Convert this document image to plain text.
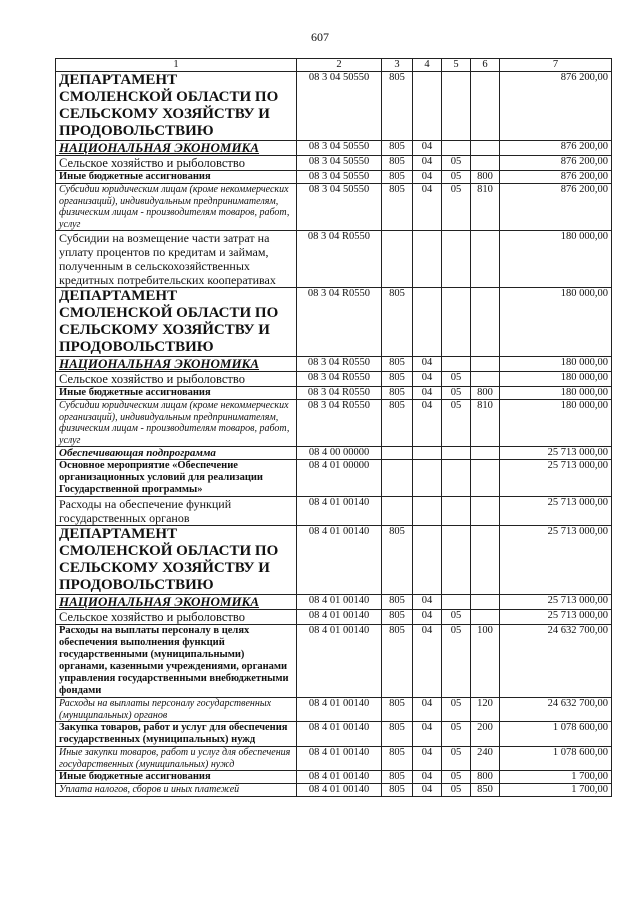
607
1	2	3	4	5	6	7
ДЕПАРТАМЕНТ СМОЛЕНСКОЙ ОБЛАСТИ ПО СЕЛЬСКОМУ ХОЗЯЙСТВУ И ПРОДОВОЛЬСТВИЮ	08 3 04 50550	805				876 200,00
НАЦИОНАЛЬНАЯ ЭКОНОМИКА	08 3 04 50550	805	04			876 200,00
Сельское хозяйство и рыболовство	08 3 04 50550	805	04	05		876 200,00
Иные бюджетные ассигнования	08 3 04 50550	805	04	05	800	876 200,00
Субсидии юридическим лицам (кроме некоммерческих организаций), индивидуальным предпринимателям, физическим лицам - производителям товаров, работ, услуг	08 3 04 50550	805	04	05	810	876 200,00
Субсидии на возмещение части затрат на уплату процентов по кредитам и займам, полученным в сельскохозяйственных кредитных потребительских кооперативах	08 3 04 R0550					180 000,00
ДЕПАРТАМЕНТ СМОЛЕНСКОЙ ОБЛАСТИ ПО СЕЛЬСКОМУ ХОЗЯЙСТВУ И ПРОДОВОЛЬСТВИЮ	08 3 04 R0550	805				180 000,00
НАЦИОНАЛЬНАЯ ЭКОНОМИКА	08 3 04 R0550	805	04			180 000,00
Сельское хозяйство и рыболовство	08 3 04 R0550	805	04	05		180 000,00
Иные бюджетные ассигнования	08 3 04 R0550	805	04	05	800	180 000,00
Субсидии юридическим лицам (кроме некоммерческих организаций), индивидуальным предпринимателям, физическим лицам - производителям товаров, работ, услуг	08 3 04 R0550	805	04	05	810	180 000,00
Обеспечивающая подпрограмма	08 4 00 00000					25 713 000,00
Основное мероприятие «Обеспечение организационных условий для реализации Государственной программы»	08 4 01 00000					25 713 000,00
Расходы на обеспечение функций государственных органов	08 4 01 00140					25 713 000,00
ДЕПАРТАМЕНТ СМОЛЕНСКОЙ ОБЛАСТИ ПО СЕЛЬСКОМУ ХОЗЯЙСТВУ И ПРОДОВОЛЬСТВИЮ	08 4 01 00140	805				25 713 000,00
НАЦИОНАЛЬНАЯ ЭКОНОМИКА	08 4 01 00140	805	04			25 713 000,00
Сельское хозяйство и рыболовство	08 4 01 00140	805	04	05		25 713 000,00
Расходы на выплаты персоналу в целях обеспечения выполнения функций государственными (муниципальными) органами, казенными учреждениями, органами управления государственными внебюджетными фондами	08 4 01 00140	805	04	05	100	24 632 700,00
Расходы на выплаты персоналу государственных (муниципальных) органов	08 4 01 00140	805	04	05	120	24 632 700,00
Закупка товаров, работ и услуг для обеспечения государственных (муниципальных) нужд	08 4 01 00140	805	04	05	200	1 078 600,00
Иные закупки товаров, работ и услуг для обеспечения государственных (муниципальных) нужд	08 4 01 00140	805	04	05	240	1 078 600,00
Иные бюджетные ассигнования	08 4 01 00140	805	04	05	800	1 700,00
Уплата налогов, сборов и иных платежей	08 4 01 00140	805	04	05	850	1 700,00
